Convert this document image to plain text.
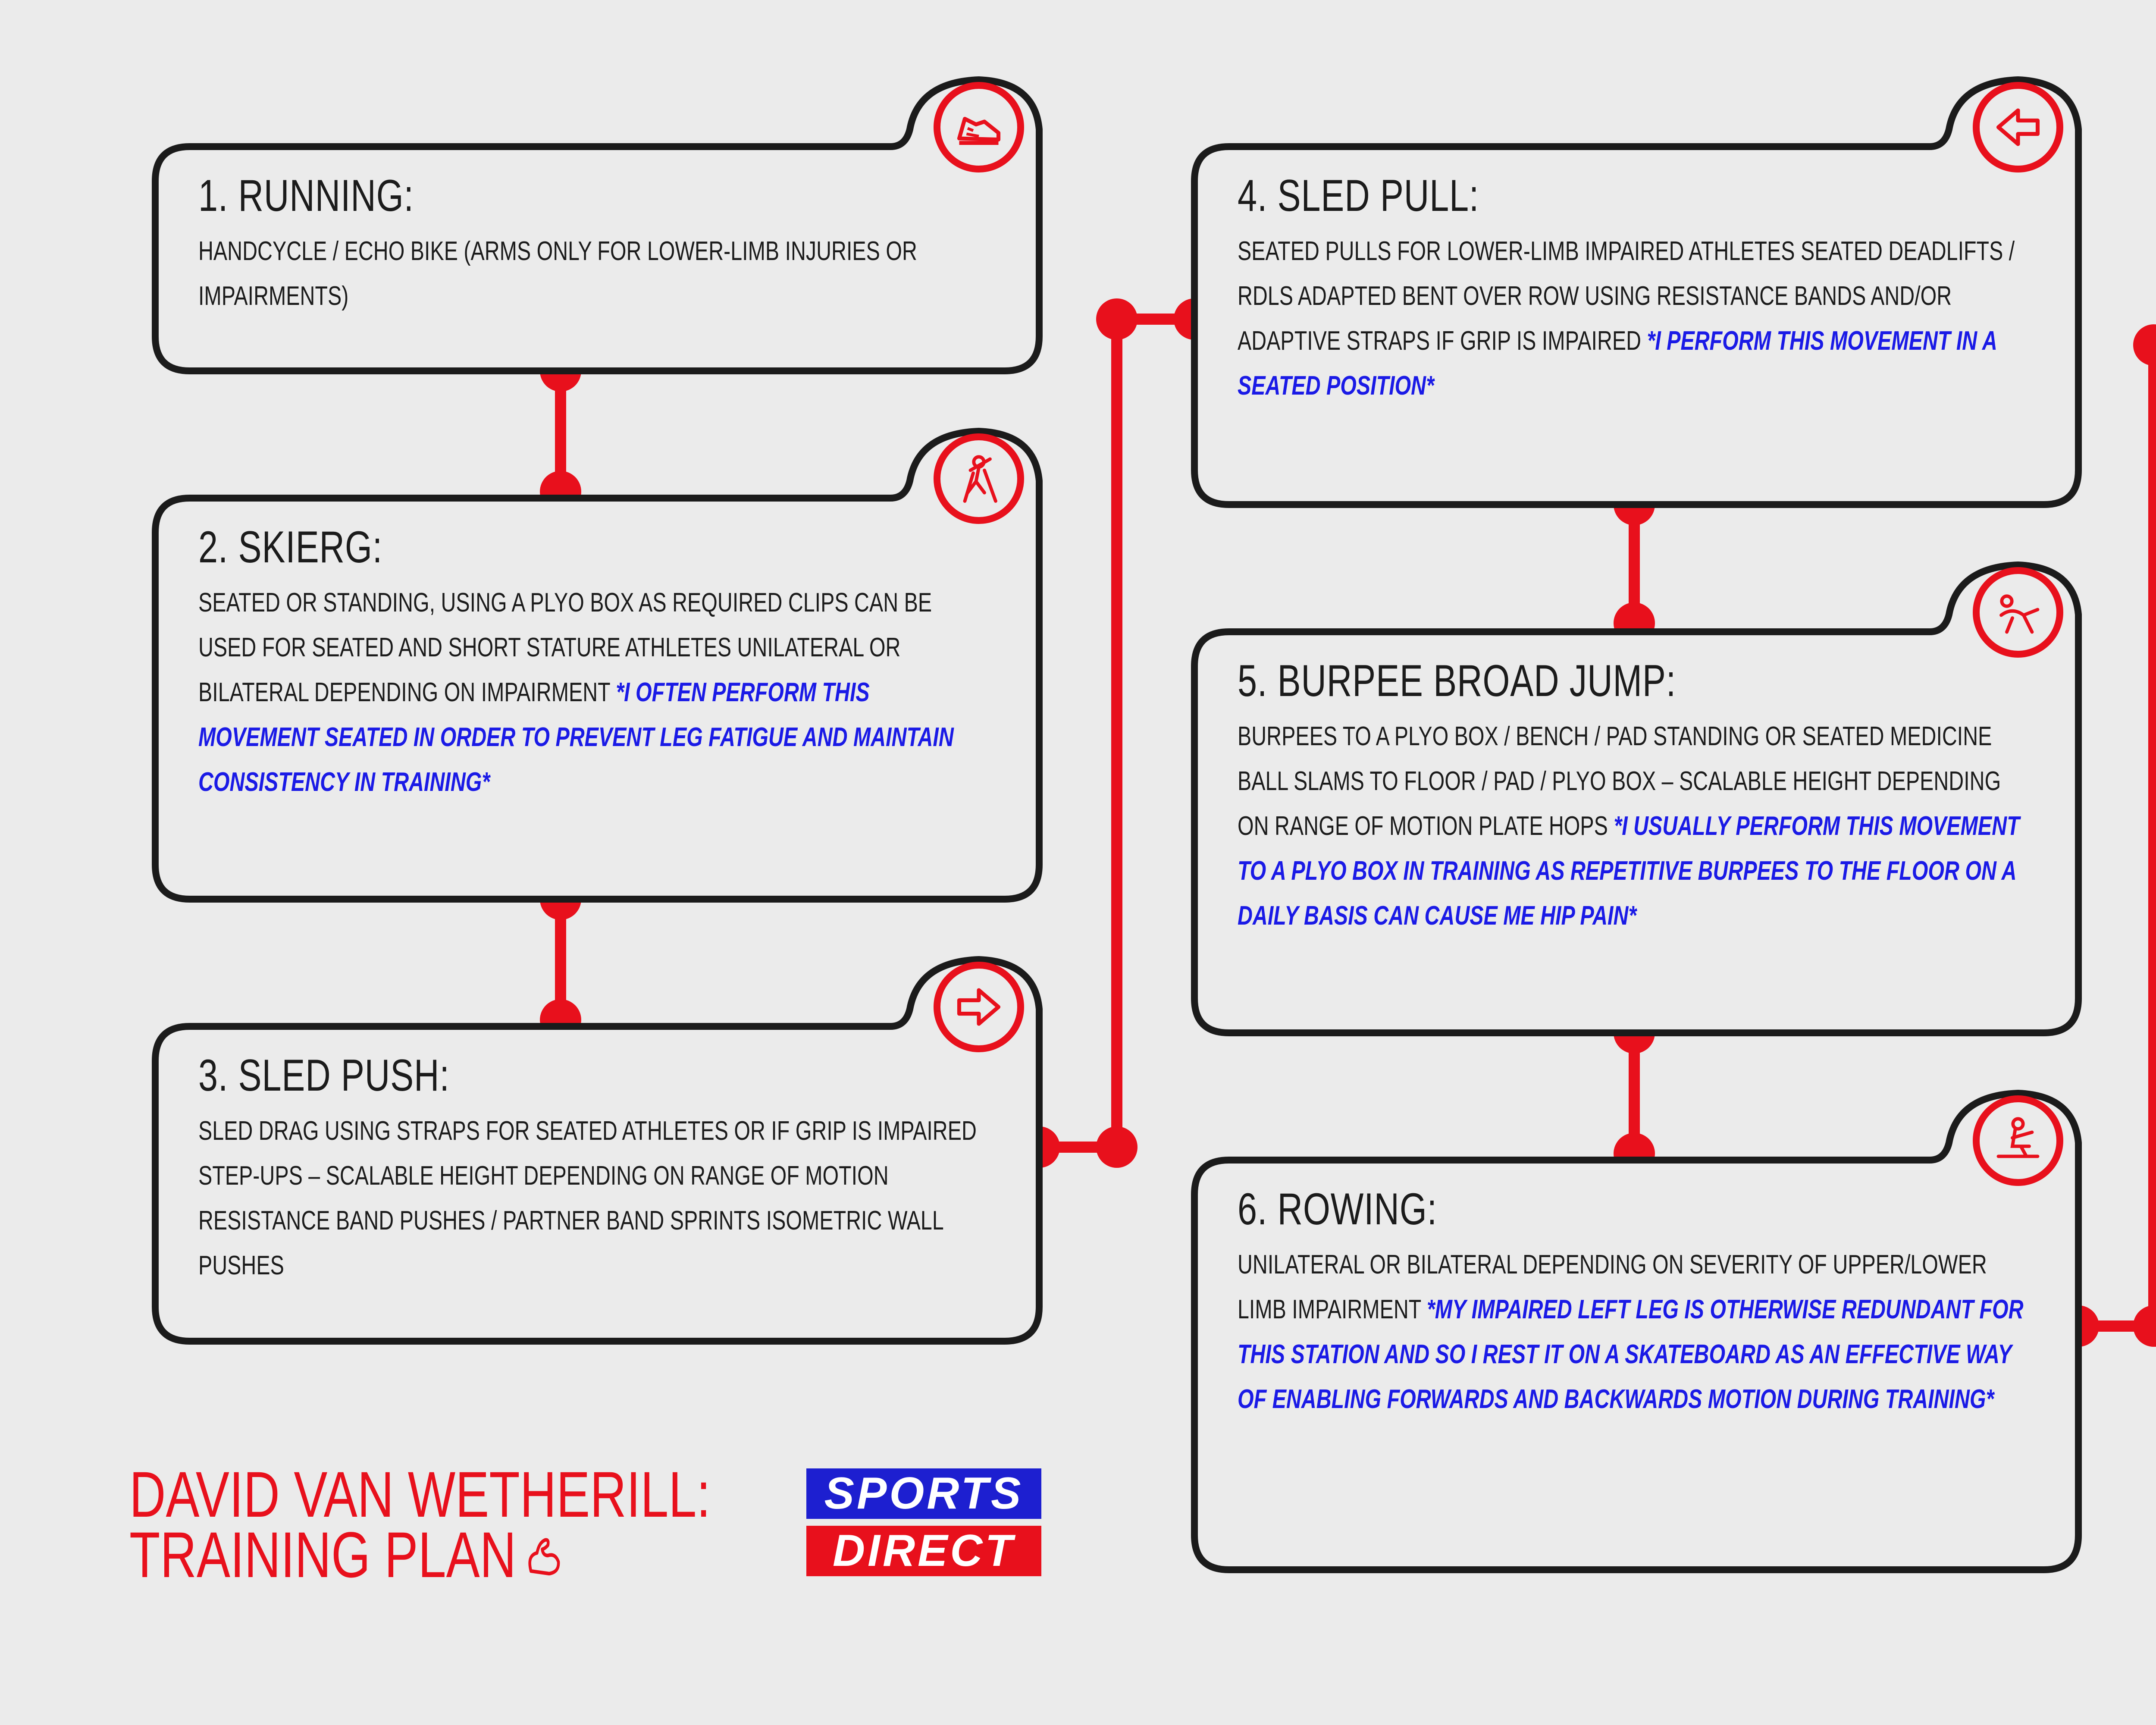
1. RUNNING:
HANDCYCLE / ECHO BIKE (ARMS ONLY FOR LOWER-LIMB INJURIES OR IMPAIRMENTS)
2. SKIERG:
SEATED OR STANDING, USING A PLYO BOX AS REQUIRED CLIPS CAN BE USED FOR SEATED AND SHORT STATURE ATHLETES UNILATERAL OR BILATERAL DEPENDING ON IMPAIRMENT *I OFTEN PERFORM THIS MOVEMENT SEATED IN ORDER TO PREVENT LEG FATIGUE AND MAINTAIN CONSISTENCY IN TRAINING*
3. SLED PUSH:
SLED DRAG USING STRAPS FOR SEATED ATHLETES OR IF GRIP IS IMPAIRED STEP-UPS – SCALABLE HEIGHT DEPENDING ON RANGE OF MOTION RESISTANCE BAND PUSHES / PARTNER BAND SPRINTS ISOMETRIC WALL PUSHES
4. SLED PULL:
SEATED PULLS FOR LOWER-LIMB IMPAIRED ATHLETES SEATED DEADLIFTS / RDLS ADAPTED BENT OVER ROW USING RESISTANCE BANDS AND/OR ADAPTIVE STRAPS IF GRIP IS IMPAIRED *I PERFORM THIS MOVEMENT IN A SEATED POSITION*
5. BURPEE BROAD JUMP:
BURPEES TO A PLYO BOX / BENCH / PAD STANDING OR SEATED MEDICINE BALL SLAMS TO FLOOR / PAD / PLYO BOX – SCALABLE HEIGHT DEPENDING ON RANGE OF MOTION PLATE HOPS *I USUALLY PERFORM THIS MOVEMENT TO A PLYO BOX IN TRAINING AS REPETITIVE BURPEES TO THE FLOOR ON A DAILY BASIS CAN CAUSE ME HIP PAIN*
6. ROWING:
UNILATERAL OR BILATERAL DEPENDING ON SEVERITY OF UPPER/LOWER LIMB IMPAIRMENT *MY IMPAIRED LEFT LEG IS OTHERWISE REDUNDANT FOR THIS STATION AND SO I REST IT ON A SKATEBOARD AS AN EFFECTIVE WAY OF ENABLING FORWARDS AND BACKWARDS MOTION DURING TRAINING*
DAVID VAN WETHERILL:
TRAINING PLAN
SPORTS
DIRECT
